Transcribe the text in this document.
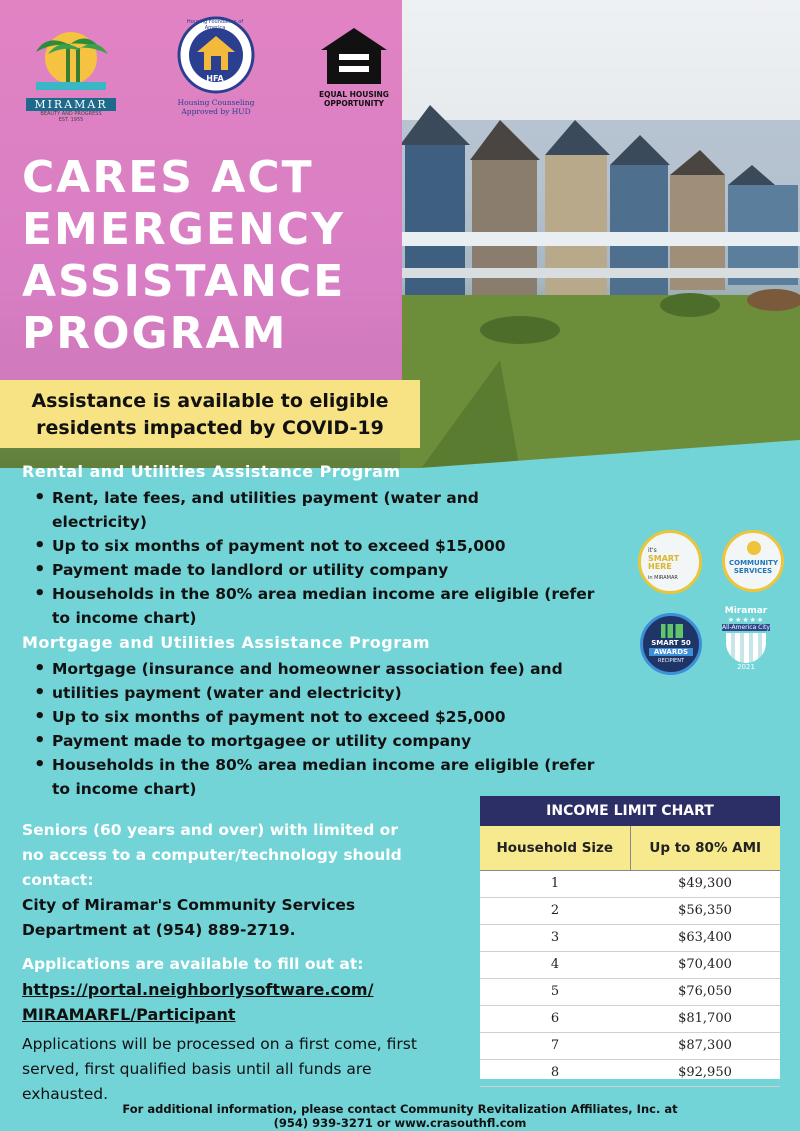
MIRAMAR
BEAUTY AND PROGRESS
EST. 1955
Housing Foundation of America
HFA
Housing Counseling Approved by HUD
EQUAL HOUSING OPPORTUNITY
CARES ACT
EMERGENCY
ASSISTANCE
PROGRAM

Assistance is available to eligible
residents impacted by COVID-19

Rental and Utilities Assistance Program
• Rent, late fees, and utilities payment (water and electricity)
• Up to six months of payment not to exceed $15,000
• Payment made to landlord or utility company
• Households in the 80% area median income are eligible (refer to income chart)
Mortgage and Utilities Assistance Program
• Mortgage (insurance and homeowner association fee) and
• utilities payment (water and electricity)
• Up to six months of payment not to exceed $25,000
• Payment made to mortgagee or utility company
• Households in the 80% area median income are eligible (refer to income chart)
it's
SMART HERE
in MIRAMAR
COMMUNITY SERVICES
SMART 50
AWARDS
RECIPIENT
Miramar
★★★★★
All-America City
2021

Seniors (60 years and over) with limited or no access to a computer/technology should contact:

City of Miramar's Community Services Department at (954) 889-2719.

Applications are available to fill out at:

https://portal.neighborlysoftware.com/
MIRAMARFL/Participant

Applications will be processed on a first come, first served, first qualified basis until all funds are exhausted.

INCOME LIMIT CHART
Household Size	Up to 80% AMI
1	$49,300
2	$56,350
3	$63,400
4	$70,400
5	$76,050
6	$81,700
7	$87,300
8	$92,950

For additional information, please contact Community Revitalization Affiliates, Inc. at
(954) 939-3271 or www.crasouthfl.com
